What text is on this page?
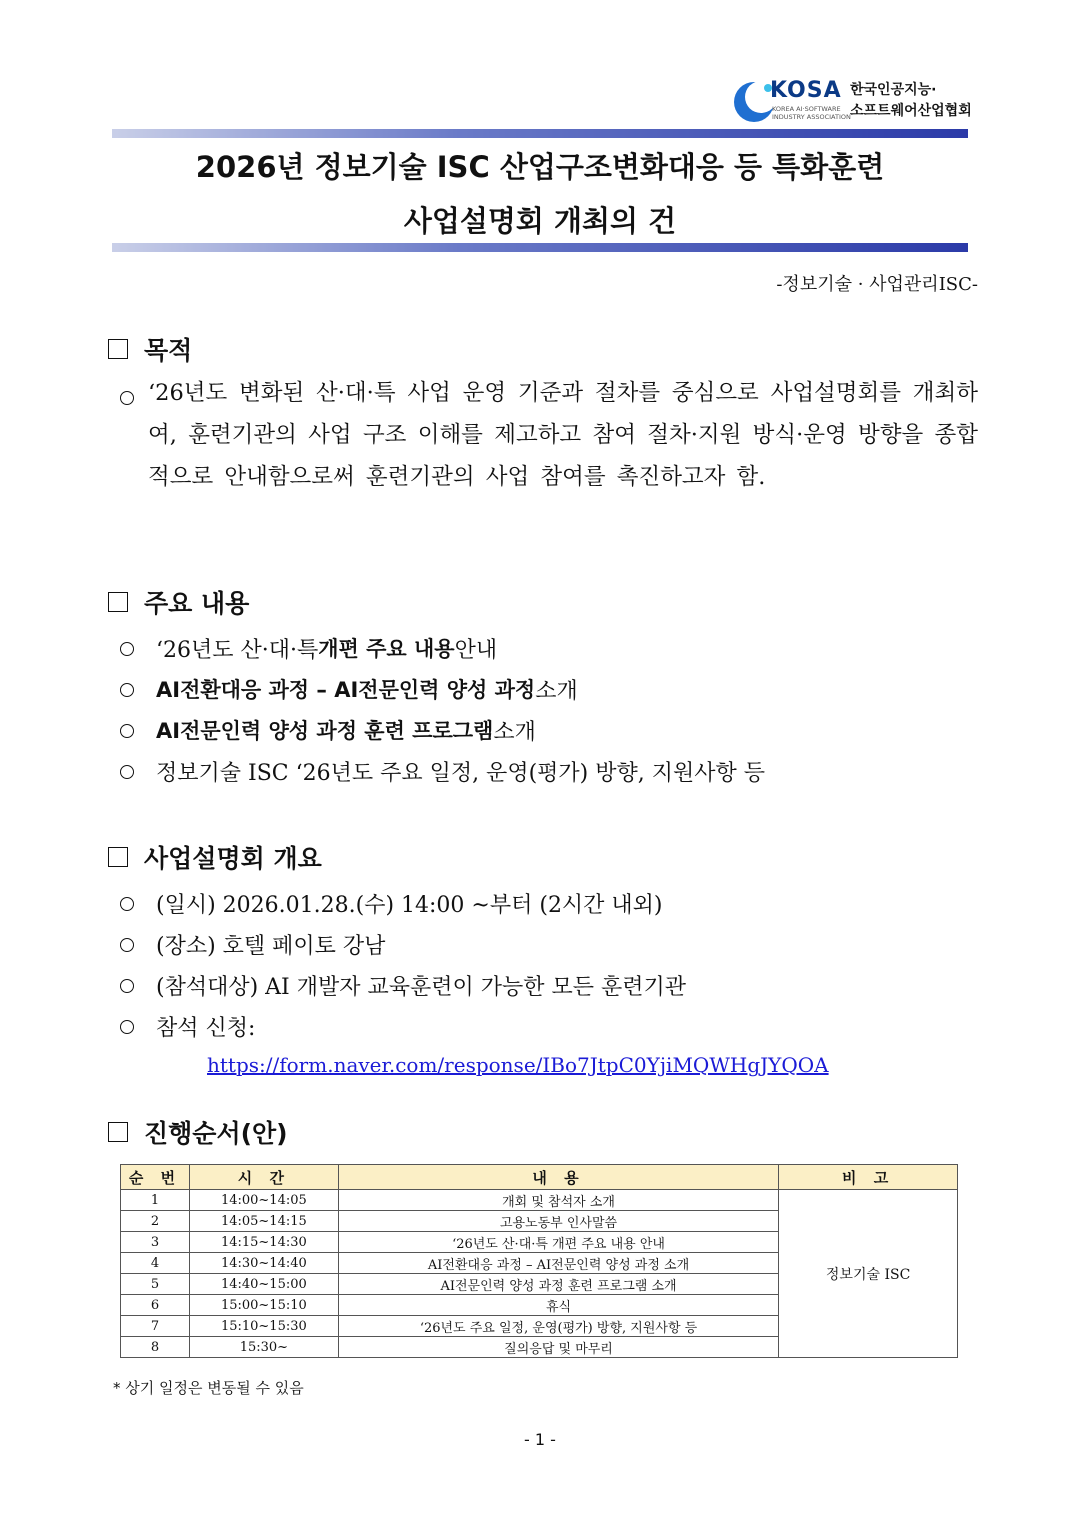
KOSA
KOREA AI·SOFTWARE
INDUSTRY ASSOCIATION
한국인공지능·
소프트웨어산업협회
2026년 정보기술 ISC 산업구조변화대응 등 특화훈련
사업설명회 개최의 건
-정보기술 · 사업관리ISC-
목적
‘26년도 변화된 산·대·특 사업 운영 기준과 절차를 중심으로 사업설명회를 개최하여, 훈련기관의 사업 구조 이해를 제고하고 참여 절차·지원 방식·운영 방향을 종합적으로 안내함으로써 훈련기관의 사업 참여를 촉진하고자 함.
주요 내용
‘26년도 산·대·특 개편 주요 내용 안내
AI전환대응 과정 – AI전문인력 양성 과정 소개
AI전문인력 양성 과정 훈련 프로그램 소개
정보기술 ISC ‘26년도 주요 일정, 운영(평가) 방향, 지원사항 등
사업설명회 개요
(일시) 2026.01.28.(수) 14:00 ~부터 (2시간 내외)
(장소) 호텔 페이토 강남
(참석대상) AI 개발자 교육훈련이 가능한 모든 훈련기관
참석 신청:
https://form.naver.com/response/IBo7JtpC0YjiMQWHgJYQOA
진행순서(안)
순 번	시 간	내 용	비 고
1	14:00~14:05	개회 및 참석자 소개	정보기술 ISC
2	14:05~14:15	고용노동부 인사말씀	
3	14:15~14:30	‘26년도 산·대·특 개편 주요 내용 안내	
4	14:30~14:40	AI전환대응 과정 – AI전문인력 양성 과정 소개	
5	14:40~15:00	AI전문인력 양성 과정 훈련 프로그램 소개	
6	15:00~15:10	휴식	
7	15:10~15:30	‘26년도 주요 일정, 운영(평가) 방향, 지원사항 등	
8	15:30~	질의응답 및 마무리	
* 상기 일정은 변동될 수 있음
- 1 -
